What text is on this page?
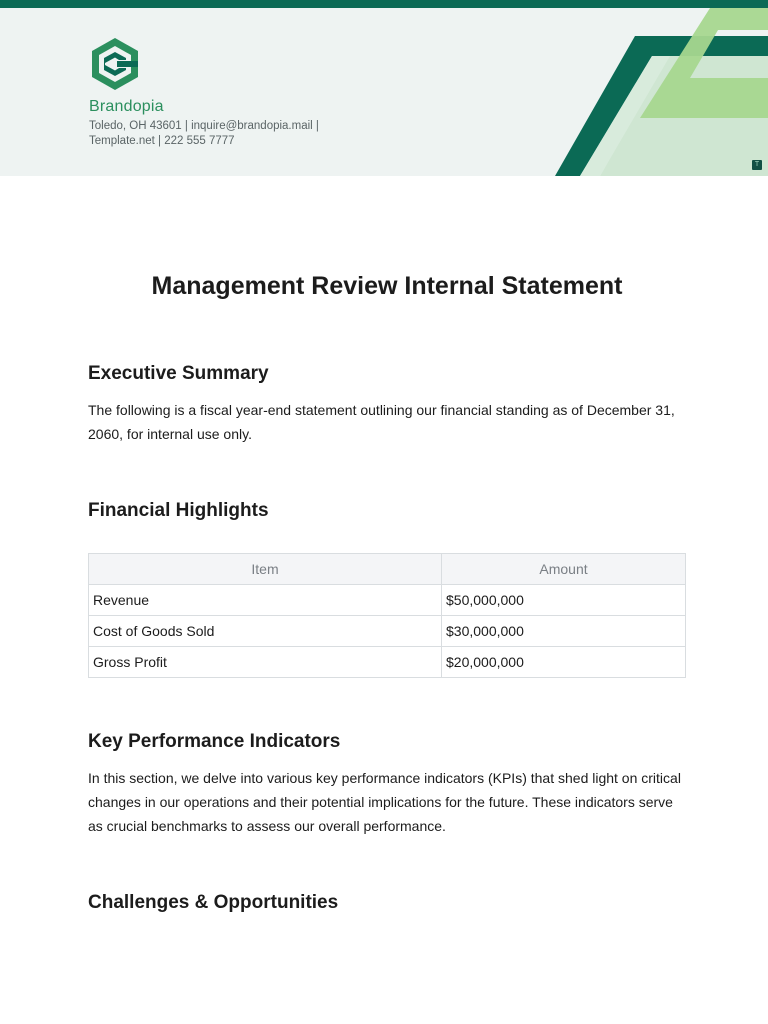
Brandopia
Toledo, OH 43601 | inquire@brandopia.mail | Template.net | 222 555 7777
T
Management Review Internal Statement
Executive Summary
The following is a fiscal year-end statement outlining our financial standing as of December 31, 2060, for internal use only.
Financial Highlights
Item	Amount
Revenue	$50,000,000
Cost of Goods Sold	$30,000,000
Gross Profit	$20,000,000
Key Performance Indicators
In this section, we delve into various key performance indicators (KPIs) that shed light on critical changes in our operations and their potential implications for the future. These indicators serve as crucial benchmarks to assess our overall performance.
Challenges & Opportunities
